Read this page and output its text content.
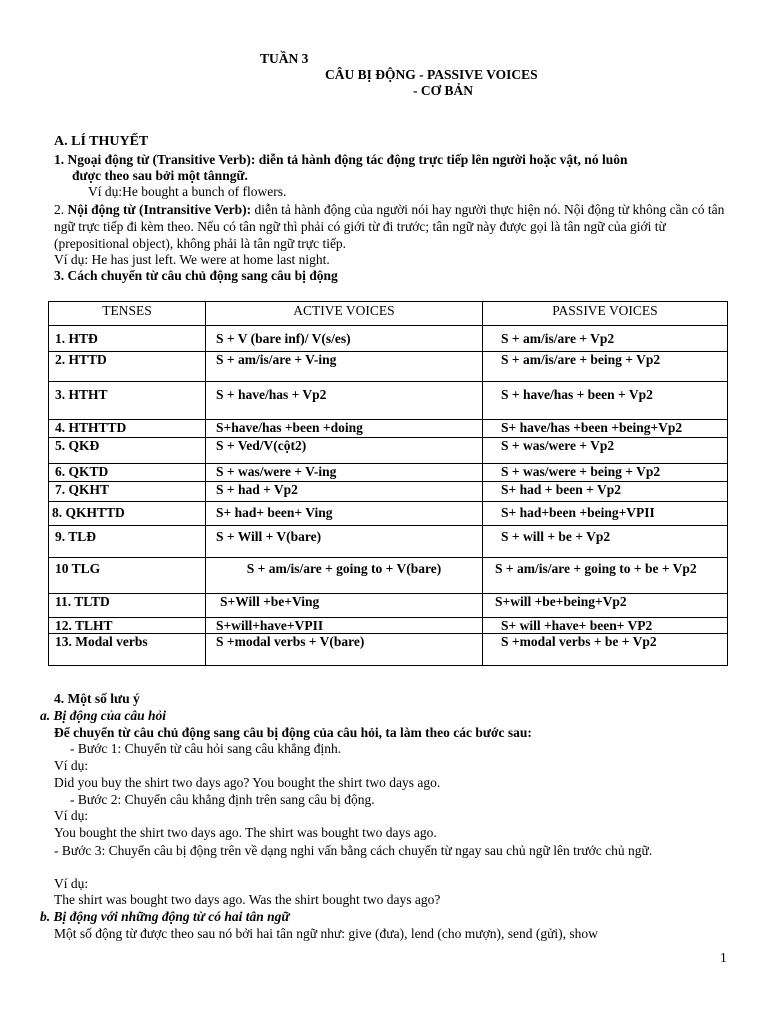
TUẦN 3
CÂU BỊ ĐỘNG - PASSIVE VOICES
- CƠ BẢN
A. LÍ THUYẾT
1. Ngoại động từ (Transitive Verb): diễn tả hành động tác động trực tiếp lên người hoặc vật, nó luôn
được theo sau bởi một tânngữ.
Ví dụ:He bought a bunch of flowers.
2. Nội động từ (Intransitive Verb): diễn tả hành động của người nói hay người thực hiện nó. Nội động từ không cần có tân ngữ trực tiếp đi kèm theo. Nếu có tân ngữ thì phải có giới từ đi trước; tân ngữ này được gọi là tân ngữ của giới từ (prepositional object), không phải là tân ngữ trực tiếp.
Ví dụ: He has just left. We were at home last night.
3. Cách chuyển từ câu chủ động sang câu bị động
TENSES	ACTIVE VOICES	PASSIVE VOICES
1. HTĐ	S + V (bare inf)/ V(s/es)	S + am/is/are + Vp2
2. HTTD	S + am/is/are + V-ing	S + am/is/are + being + Vp2
3. HTHT	S + have/has + Vp2	S + have/has + been + Vp2
4. HTHTTD	S+have/has +been +doing	S+ have/has +been +being+Vp2
5. QKĐ	S + Ved/V(cột2)	S + was/were + Vp2
6. QKTD	S + was/were + V-ing	S + was/were + being + Vp2
7. QKHT	S + had + Vp2	S+ had + been + Vp2
8. QKHTTD	S+ had+ been+ Ving	S+ had+been +being+VPII
9. TLĐ	S + Will + V(bare)	S + will + be + Vp2
10 TLG	S + am/is/are + going to + V(bare)	S + am/is/are + going to + be + Vp2
11. TLTD	S+Will +be+Ving	S+will +be+being+Vp2
12. TLHT	S+will+have+VPII	S+ will +have+ been+ VP2
13. Modal verbs	S +modal verbs + V(bare)	S +modal verbs + be + Vp2
4. Một số lưu ý
a. Bị động của câu hỏi
Để chuyển từ câu chủ động sang câu bị động của câu hỏi, ta làm theo các bước sau:
- Bước 1: Chuyển từ câu hỏi sang câu khẳng định.
Ví dụ:
Did you buy the shirt two days ago? You bought the shirt two days ago.
- Bước 2: Chuyển câu khẳng định trên sang câu bị động.
Ví dụ:
You bought the shirt two days ago. The shirt was bought two days ago.
- Bước 3: Chuyển câu bị động trên về dạng nghi vấn bằng cách chuyển từ ngay sau chủ ngữ lên trước chủ ngữ.
Ví dụ:
The shirt was bought two days ago. Was the shirt bought two days ago?
b. Bị động với những động từ có hai tân ngữ
Một số động từ được theo sau nó bởi hai tân ngữ như: give (đưa), lend (cho mượn), send (gửi), show
1
